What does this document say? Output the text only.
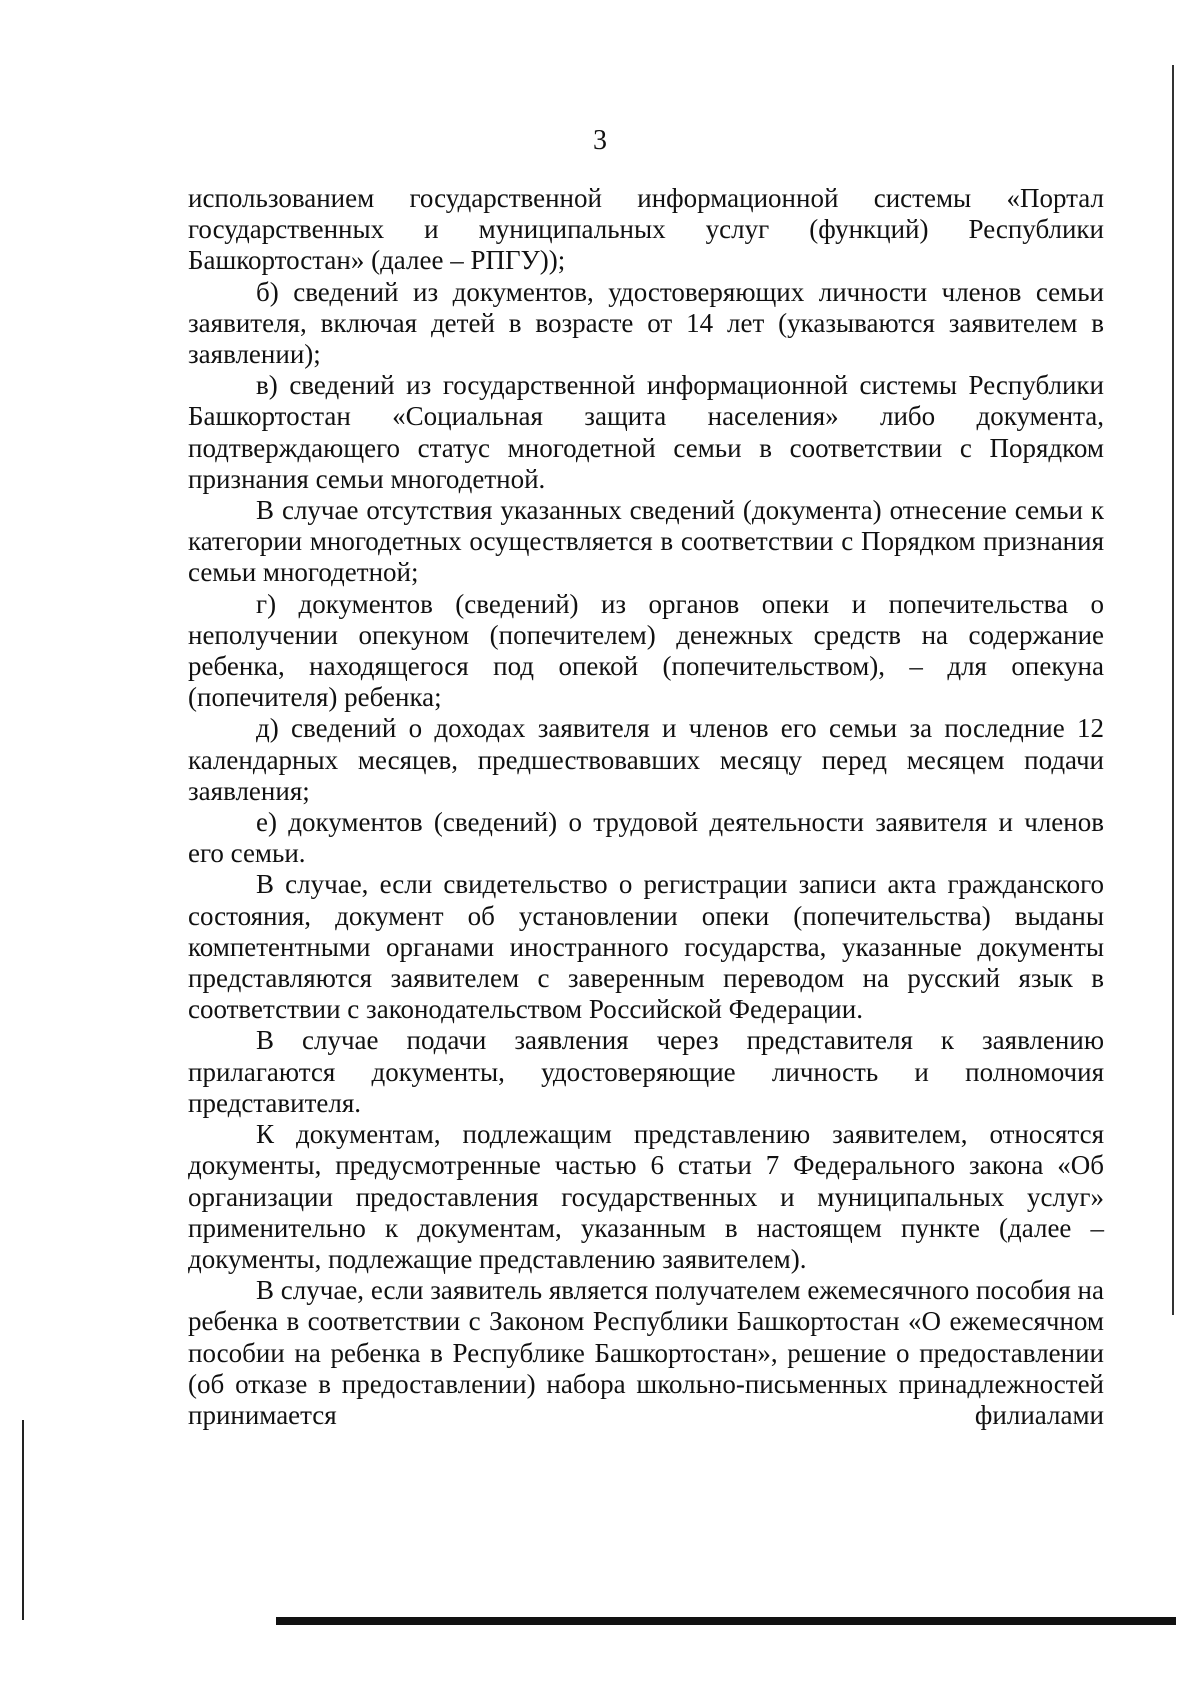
3

использованием государственной информационной системы «Портал государственных и муниципальных услуг (функций) Республики Башкортостан» (далее – РПГУ));

б) сведений из документов, удостоверяющих личности членов семьи заявителя, включая детей в возрасте от 14 лет (указываются заявителем в заявлении);

в) сведений из государственной информационной системы Республики Башкортостан «Социальная защита населения» либо документа, подтверждающего статус многодетной семьи в соответствии с Порядком признания семьи многодетной.

В случае отсутствия указанных сведений (документа) отнесение семьи к категории многодетных осуществляется в соответствии с Порядком признания семьи многодетной;

г) документов (сведений) из органов опеки и попечительства о неполучении опекуном (попечителем) денежных средств на содержание ребенка, находящегося под опекой (попечительством), – для опекуна (попечителя) ребенка;

д) сведений о доходах заявителя и членов его семьи за последние 12 календарных месяцев, предшествовавших месяцу перед месяцем подачи заявления;

е) документов (сведений) о трудовой деятельности заявителя и членов его семьи.

В случае, если свидетельство о регистрации записи акта гражданского состояния, документ об установлении опеки (попечительства) выданы компетентными органами иностранного государства, указанные документы представляются заявителем с заверенным переводом на русский язык в соответствии с законодательством Российской Федерации.

В случае подачи заявления через представителя к заявлению прилагаются документы, удостоверяющие личность и полномочия представителя.

К документам, подлежащим представлению заявителем, относятся документы, предусмотренные частью 6 статьи 7 Федерального закона «Об организации предоставления государственных и муниципальных услуг» применительно к документам, указанным в настоящем пункте (далее – документы, подлежащие представлению заявителем).

В случае, если заявитель является получателем ежемесячного пособия на ребенка в соответствии с Законом Республики Башкортостан «О ежемесячном пособии на ребенка в Республике Башкортостан», решение о предоставлении (об отказе в предоставлении) набора школьно-письменных принадлежностей принимается филиалами
